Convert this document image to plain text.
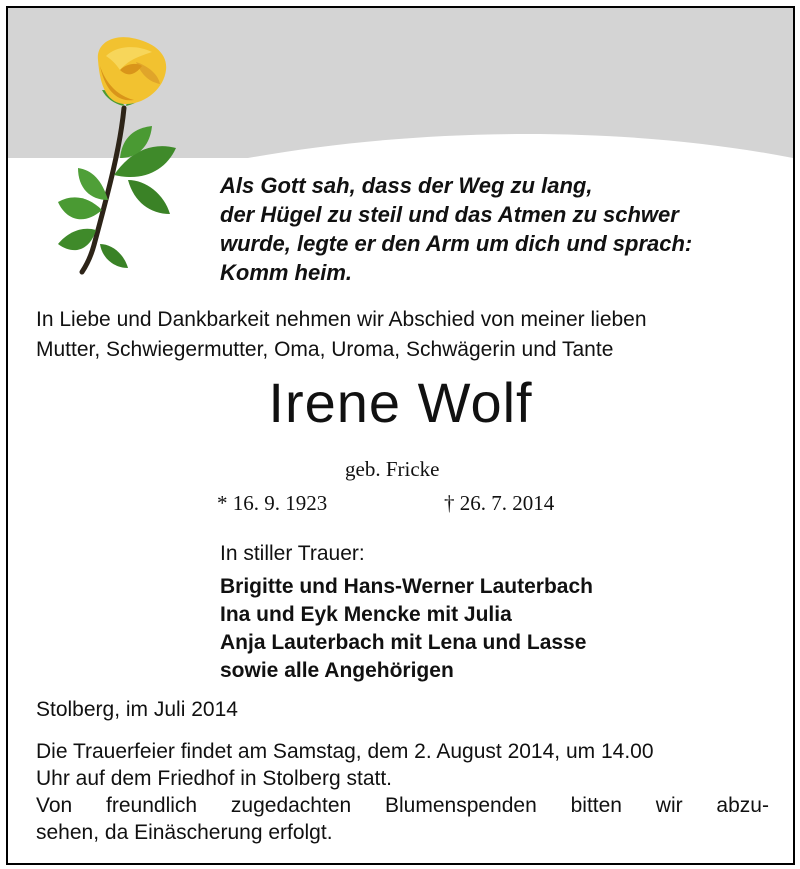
Als Gott sah, dass der Weg zu lang,
der Hügel zu steil und das Atmen zu schwer
wurde, legte er den Arm um dich und sprach:
Komm heim.
In Liebe und Dankbarkeit nehmen wir Abschied von meiner lieben
Mutter, Schwiegermutter, Oma, Uroma, Schwägerin und Tante
Irene Wolf
geb. Fricke
* 16. 9. 1923	† 26. 7. 2014
In stiller Trauer:
Brigitte und Hans-Werner Lauterbach
Ina und Eyk Mencke mit Julia
Anja Lauterbach mit Lena und Lasse
sowie alle Angehörigen
Stolberg, im Juli 2014
Die Trauerfeier findet am Samstag, dem 2. August 2014, um 14.00
Uhr auf dem Friedhof in Stolberg statt.
Von freundlich zugedachten Blumenspenden bitten wir abzu-
sehen, da Einäscherung erfolgt.
